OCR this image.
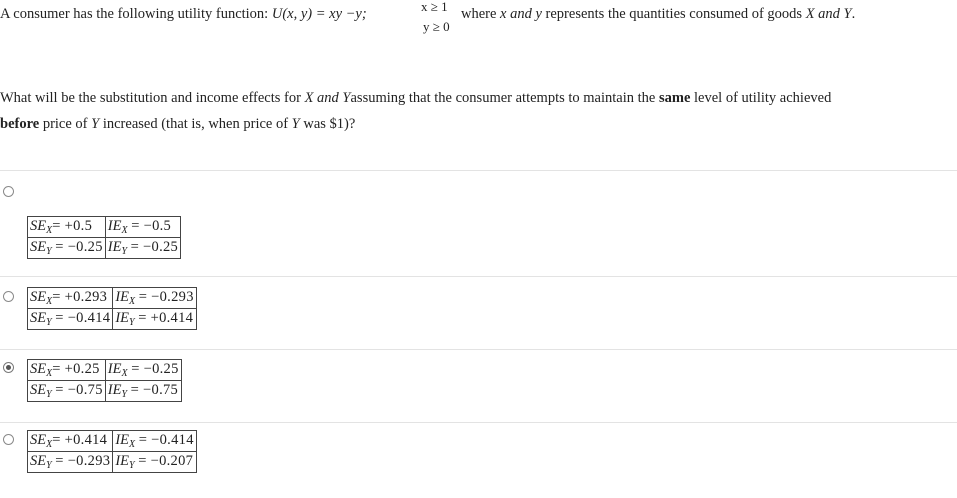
A consumer has the following utility function: U(x, y) = xy −y;	x ≥ 1
y ≥ 0
where x and y represents the quantities consumed of goods X and Y.
What will be the substitution and income effects for X and Yassuming that the consumer attempts to maintain the same level of utility achieved
before price of Y increased (that is, when price of Y was $1)?
$SE_X= +0.5$	$IE_X = -0.5$
$SE_Y = -0.25$	$IE_Y = -0.25$
$SE_X= +0.293$	$IE_X = -0.293$
$SE_Y = -0.414$	$IE_Y = +0.414$
$SE_X= +0.25$	$IE_X = -0.25$
$SE_Y = -0.75$	$IE_Y = -0.75$
$SE_X= +0.414$	$IE_X = -0.414$
$SE_Y = -0.293$	$IE_Y = -0.207$
